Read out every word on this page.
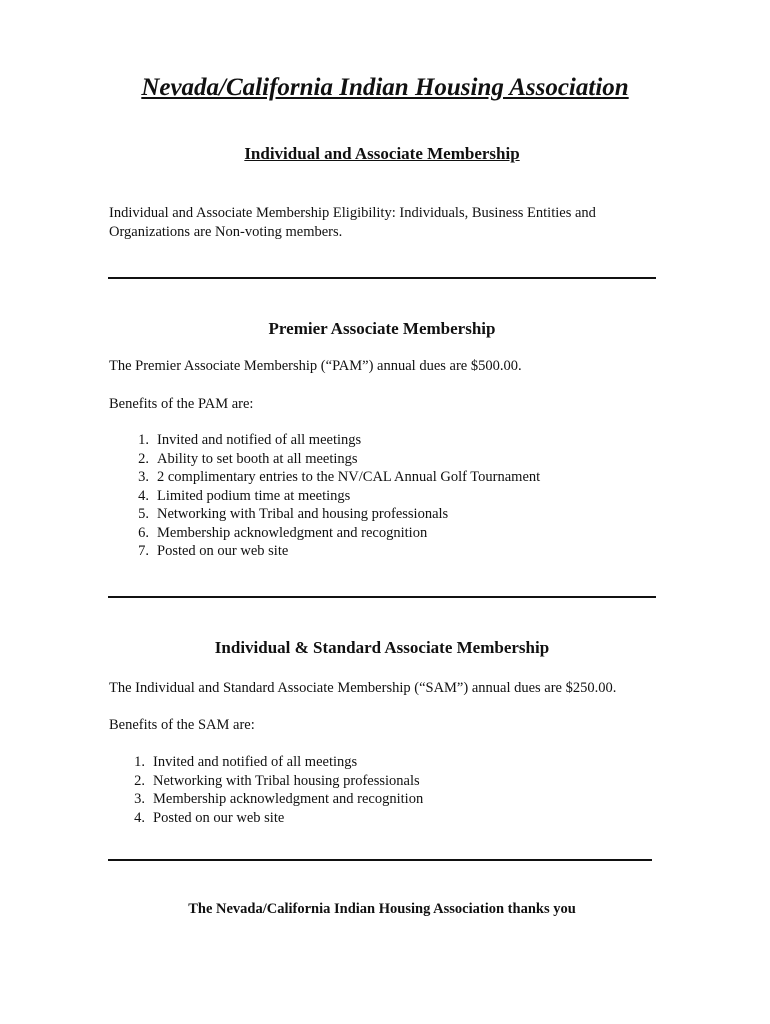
Nevada/California Indian Housing Association
Individual and Associate Membership
Individual and Associate Membership Eligibility: Individuals, Business Entities and Organizations are Non-voting members.
Premier Associate Membership
The Premier Associate Membership (“PAM”) annual dues are $500.00.
Benefits of the PAM are:
1. Invited and notified of all meetings
2. Ability to set booth at all meetings
3. 2 complimentary entries to the NV/CAL Annual Golf Tournament
4. Limited podium time at meetings
5. Networking with Tribal and housing professionals
6. Membership acknowledgment and recognition
7. Posted on our web site
Individual & Standard Associate Membership
The Individual and Standard Associate Membership (“SAM”) annual dues are $250.00.
Benefits of the SAM are:
1. Invited and notified of all meetings
2. Networking with Tribal housing professionals
3. Membership acknowledgment and recognition
4. Posted on our web site
The Nevada/California Indian Housing Association thanks you
